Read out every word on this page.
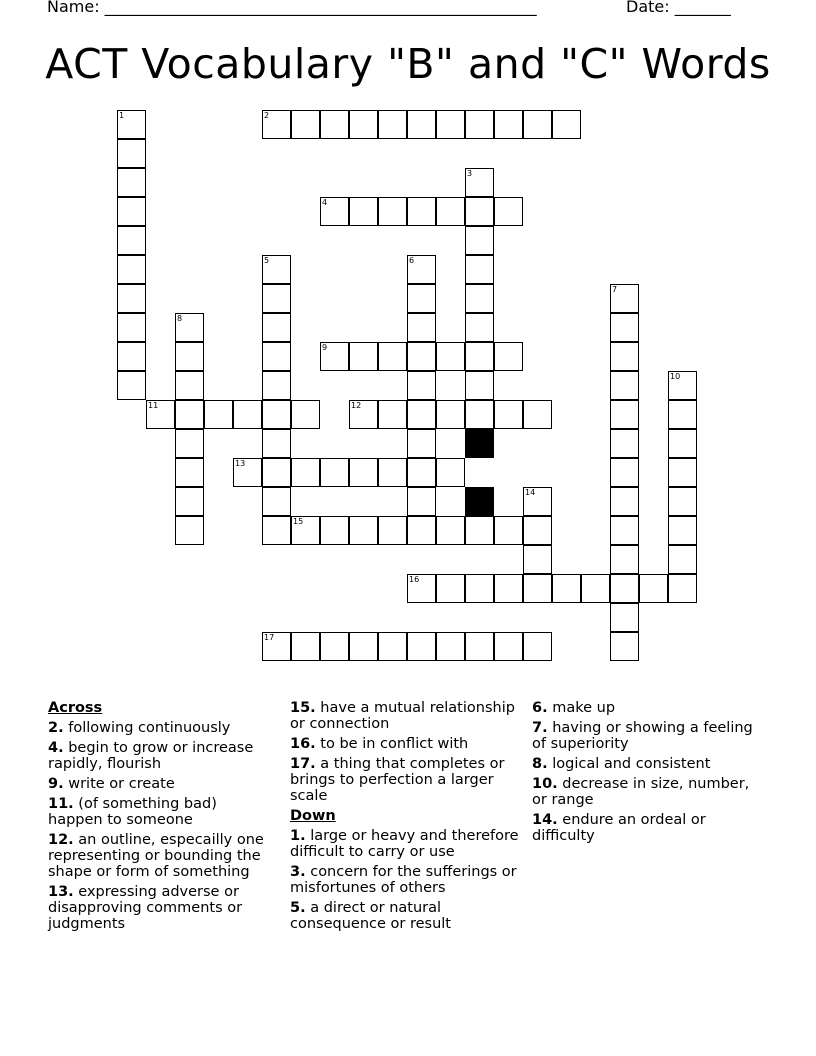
Name: ______________________________________________________	Date: _______
ACT Vocabulary "B" and "C" Words
2
4
9
11	12
13
15
16
17
1
3
5	6
7
8
10
14
Across
2. following continuously
4. begin to grow or increase rapidly, flourish
9. write or create
11. (of something bad) happen to someone
12. an outline, especailly one representing or bounding the shape or form of something
13. expressing adverse or disapproving comments or judgments
15. have a mutual relationship or connection
16. to be in conflict with
17. a thing that completes or brings to perfection a larger scale
Down
1. large or heavy and therefore difficult to carry or use
3. concern for the sufferings or misfortunes of others
5. a direct or natural consequence or result
6. make up
7. having or showing a feeling of superiority
8. logical and consistent
10. decrease in size, number, or range
14. endure an ordeal or difficulty
